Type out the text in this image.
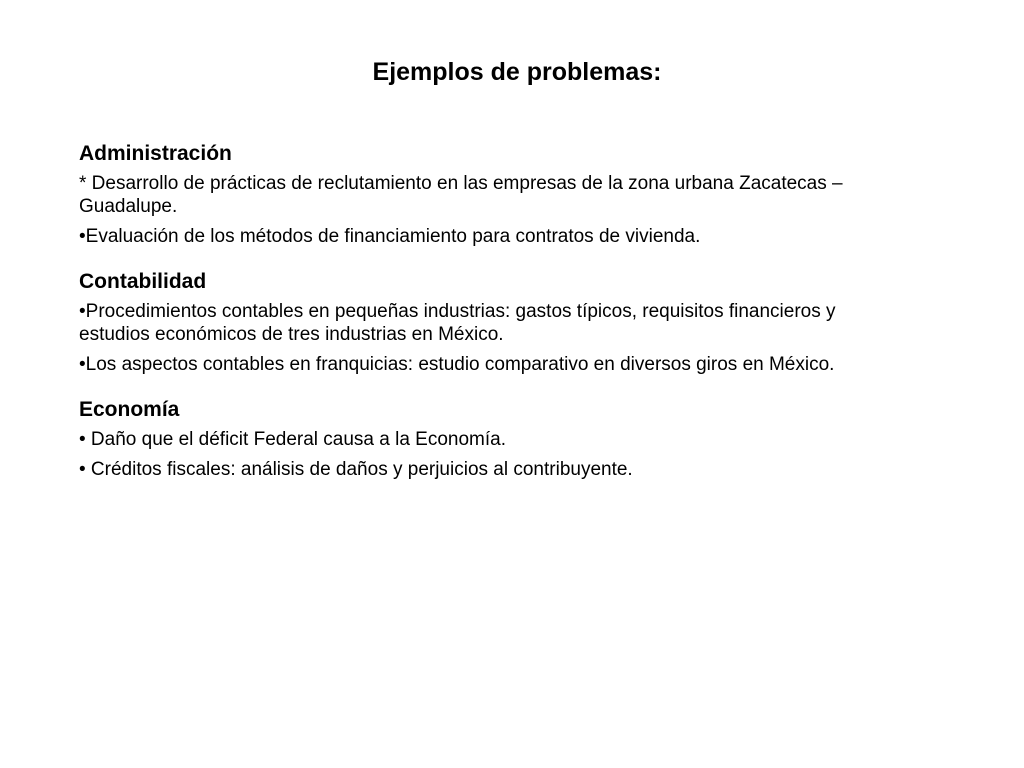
Ejemplos de problemas:
Administración
* Desarrollo de prácticas de reclutamiento en las empresas de la zona urbana Zacatecas – Guadalupe.
•Evaluación de los métodos de financiamiento para contratos de vivienda.
Contabilidad
•Procedimientos contables en pequeñas industrias: gastos típicos, requisitos financieros y estudios económicos de tres industrias en México.
•Los aspectos contables en franquicias: estudio comparativo en diversos giros en México.
Economía
• Daño que el déficit Federal causa a la Economía.
• Créditos fiscales: análisis de daños y perjuicios al contribuyente.
